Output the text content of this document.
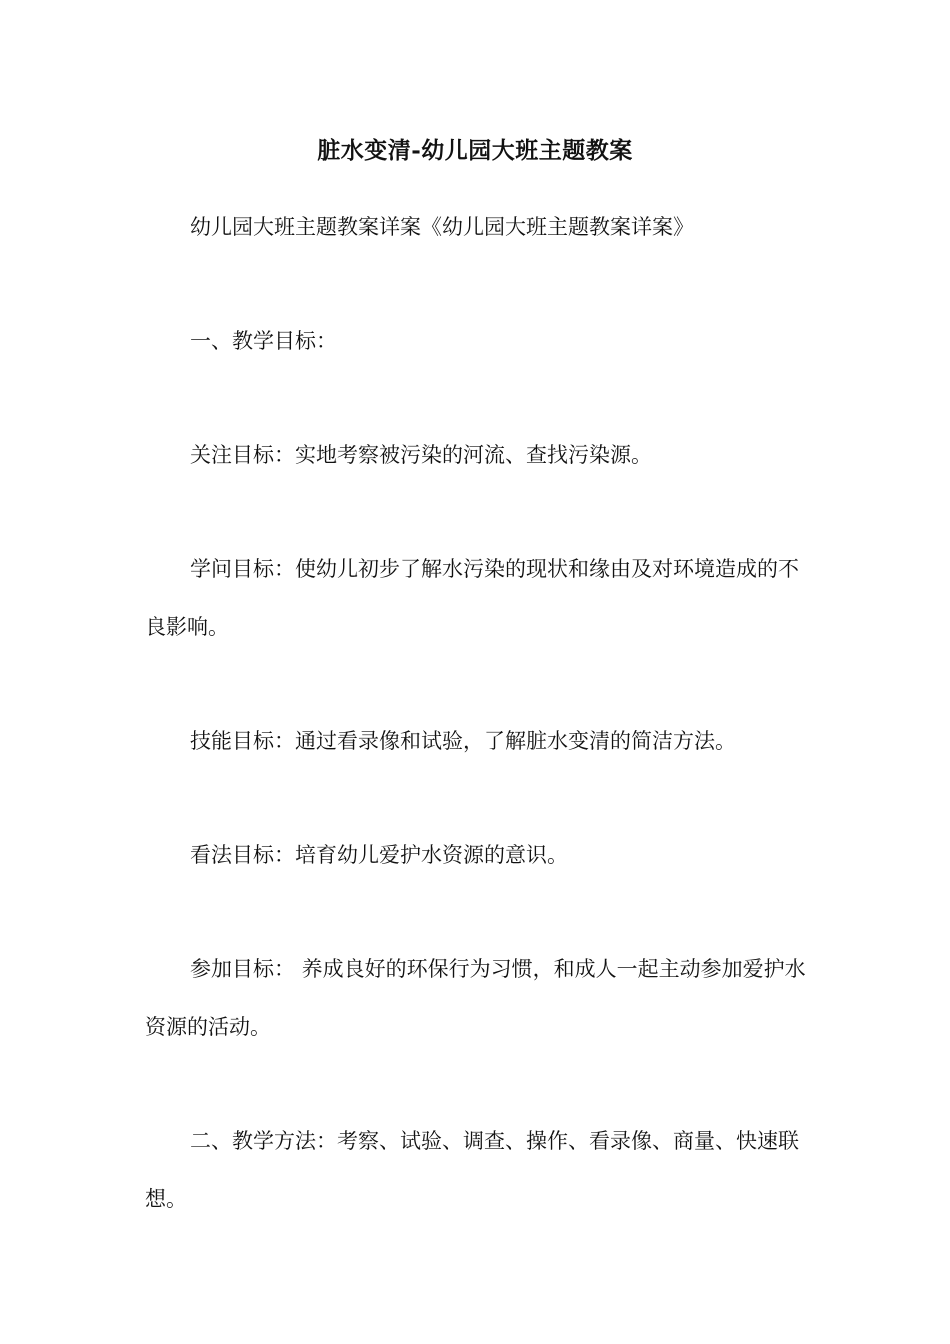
脏水变清-幼儿园大班主题教案

幼儿园大班主题教案详案《幼儿园大班主题教案详案》

一、教学目标：

关注目标：实地考察被污染的河流、查找污染源。

学问目标：使幼儿初步了解水污染的现状和缘由及对环境造成的不良影响。

技能目标：通过看录像和试验，了解脏水变清的简洁方法。

看法目标：培育幼儿爱护水资源的意识。

参加目标： 养成良好的环保行为习惯，和成人一起主动参加爱护水资源的活动。

二、教学方法：考察、试验、调查、操作、看录像、商量、快速联想。
